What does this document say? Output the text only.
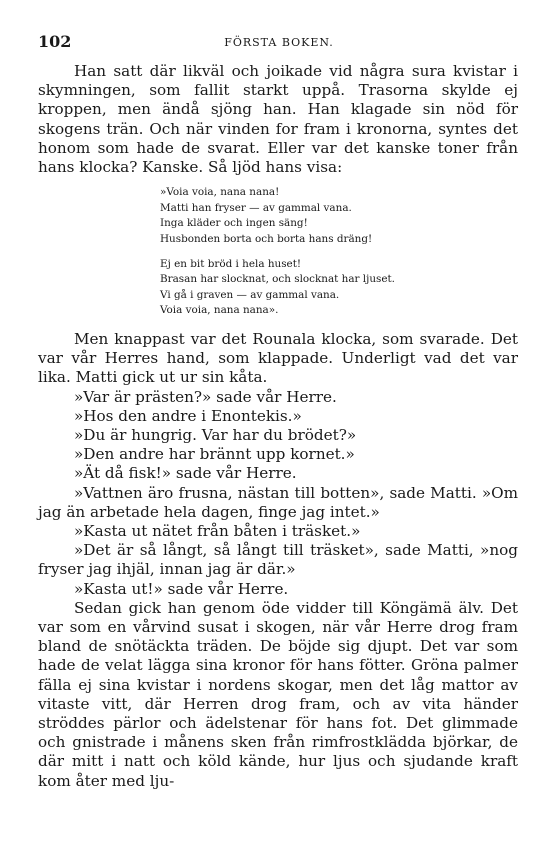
102	FÖRSTA BOKEN.

Han satt där likväl och joikade vid några sura kvistar i skymningen, som fallit starkt uppå. Trasorna skylde ej kroppen, men ändå sjöng han. Han klagade sin nöd för skogens trän. Och när vinden for fram i kronorna, syntes det honom som hade de svarat. Eller var det kanske toner från hans klocka? Kanske. Så ljöd hans visa:

»Voia voia, nana nana!
Matti han fryser — av gammal vana.
Inga kläder och ingen säng!
Husbonden borta och borta hans dräng!
Ej en bit bröd i hela huset!
Brasan har slocknat, och slocknat har ljuset.
Vi gå i graven — av gammal vana.
Voia voia, nana nana».

Men knappast var det Rounala klocka, som svarade. Det var vår Herres hand, som klappade. Underligt vad det var lika. Matti gick ut ur sin kåta.

»Var är prästen?» sade vår Herre.

»Hos den andre i Enontekis.»

»Du är hungrig. Var har du brödet?»

»Den andre har brännt upp kornet.»

»Ät då fisk!» sade vår Herre.

»Vattnen äro frusna, nästan till botten», sade Matti. »Om jag än arbetade hela dagen, finge jag intet.»

»Kasta ut nätet från båten i träsket.»

»Det är så långt, så långt till träsket», sade Matti, »nog fryser jag ihjäl, innan jag är där.»

»Kasta ut!» sade vår Herre.

Sedan gick han genom öde vidder till Köngämä älv. Det var som en vårvind susat i skogen, när vår Herre drog fram bland de snötäckta träden. De böjde sig djupt. Det var som hade de velat lägga sina kronor för hans fötter. Gröna palmer fälla ej sina kvistar i nordens skogar, men det låg mattor av vitaste vitt, där Herren drog fram, och av vita händer ströddes pärlor och ädelstenar för hans fot. Det glimmade och gnistrade i månens sken från rimfrostklädda björkar, de där mitt i natt och köld kände, hur ljus och sjudande kraft kom åter med lju-
